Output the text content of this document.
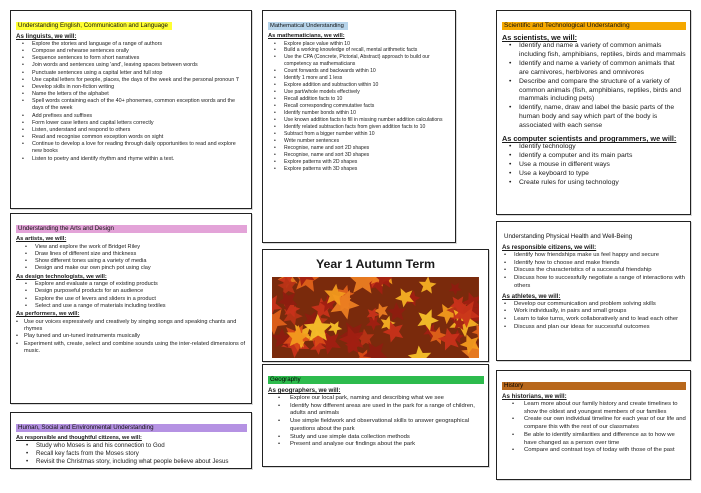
Understanding English, Communication and Language
As linguists, we will:
• Explore the stories and language of a range of authors
• Compose and rehearse sentences orally
• Sequence sentences to form short narratives
• Join words and sentences using 'and', leaving spaces between words
• Punctuate sentences using a capital letter and full stop
• Use capital letters for people, places, the days of the week and the personal pronoun 'I'
• Develop skills in non-fiction writing
• Name the letters of the alphabet
• Spell words containing each of the 40+ phonemes, common exception words and the days of the week
• Add prefixes and suffixes
• Form lower case letters and capital letters correctly
• Listen, understand and respond to others
• Read and recognise common exception words on sight
• Continue to develop a love for reading through daily opportunities to read and explore new books
• Listen to poetry and identify rhythm and rhyme within a text.
Mathematical Understanding
As mathematicians, we will:
• Explore place value within 10
• Build a working knowledge of recall, mental arithmetic facts
• Use the CPA (Concrete, Pictorial, Abstract) approach to build our competency as mathematicians
• Count forwards and backwards within 10
• Identify 1 more and 1 less
• Explore addition and subtraction within 10
• Use part/whole models effectively
• Recall addition facts to 10
• Recall corresponding commutative facts
• Identify number bonds within 10
• Use known addition facts to fill in missing number addition calculations
• Identify related subtraction facts from given addition facts to 10
• Subtract from a bigger number within 10
• Write number sentences
• Recognise, name and sort 2D shapes
• Recognise, name and sort 3D shapes
• Explore patterns with 2D shapes
• Explore patterns with 3D shapes
Scientific and Technological Understanding
As scientists, we will:
• Identify and name a variety of common animals including fish, amphibians, reptiles, birds and mammals
• Identify and name a variety of common animals that are carnivores, herbivores and omnivores
• Describe and compare the structure of a variety of common animals (fish, amphibians, reptiles, birds and mammals including pets)
• Identify, name, draw and label the basic parts of the human body and say which part of the body is associated with each sense
As computer scientists and programmers, we will:
• Identify technology
• Identify a computer and its main parts
• Use a mouse in different ways
• Use a keyboard to type
• Create rules for using technology
Understanding the Arts and Design
As artists, we will:
• View and explore the work of Bridget Riley
• Draw lines of different size and thickness
• Show different tones using a variety of media
• Design and make our own pinch pot using clay
As design technologists, we will:
• Explore and evaluate a range of existing products
• Design purposeful products for an audience
• Explore the use of levers and sliders in a product
• Select and use a range of materials including textiles
As performers, we will:
• Use our voices expressively and creatively by singing songs and speaking chants and rhymes
• Play tuned and un-tuned instruments musically
• Experiment with, create, select and combine sounds using the inter-related dimensions of music.
Understanding Physical Health and Well-Being
As responsible citizens, we will:
• Identify how friendships make us feel happy and secure
• Identify how to choose and make friends
• Discuss the characteristics of a successful friendship
• Discuss how to successfully negotiate a range of interactions with others
As athletes, we will:
• Develop our communication and problem solving skills
• Work individually, in pairs and small groups
• Learn to take turns, work collaboratively and to lead each other
• Discuss and plan our ideas for successful outcomes
Year 1 Autumn Term
Geography
As geographers, we will:
• Explore our local park, naming and describing what we see
• Identify how different areas are used in the park for a range of children, adults and animals
• Use simple fieldwork and observational skills to answer geographical questions about the park
• Study and use simple data collection methods
• Present and analyse our findings about the park
History
As historians, we will:
• Learn more about our family history and create timelines to show the oldest and youngest members of our families
• Create our own individual timeline for each year of our life and compare this with the rest of our classmates
• Be able to identify similarities and difference as to how we have changed as a person over time
• Compare and contrast toys of today with those of the past
Human, Social and Environmental Understanding
As responsible and thoughtful citizens, we will:
• Study who Moses is and his connection to God
• Recall key facts from the Moses story
• Revisit the Christmas story, including what people believe about Jesus
